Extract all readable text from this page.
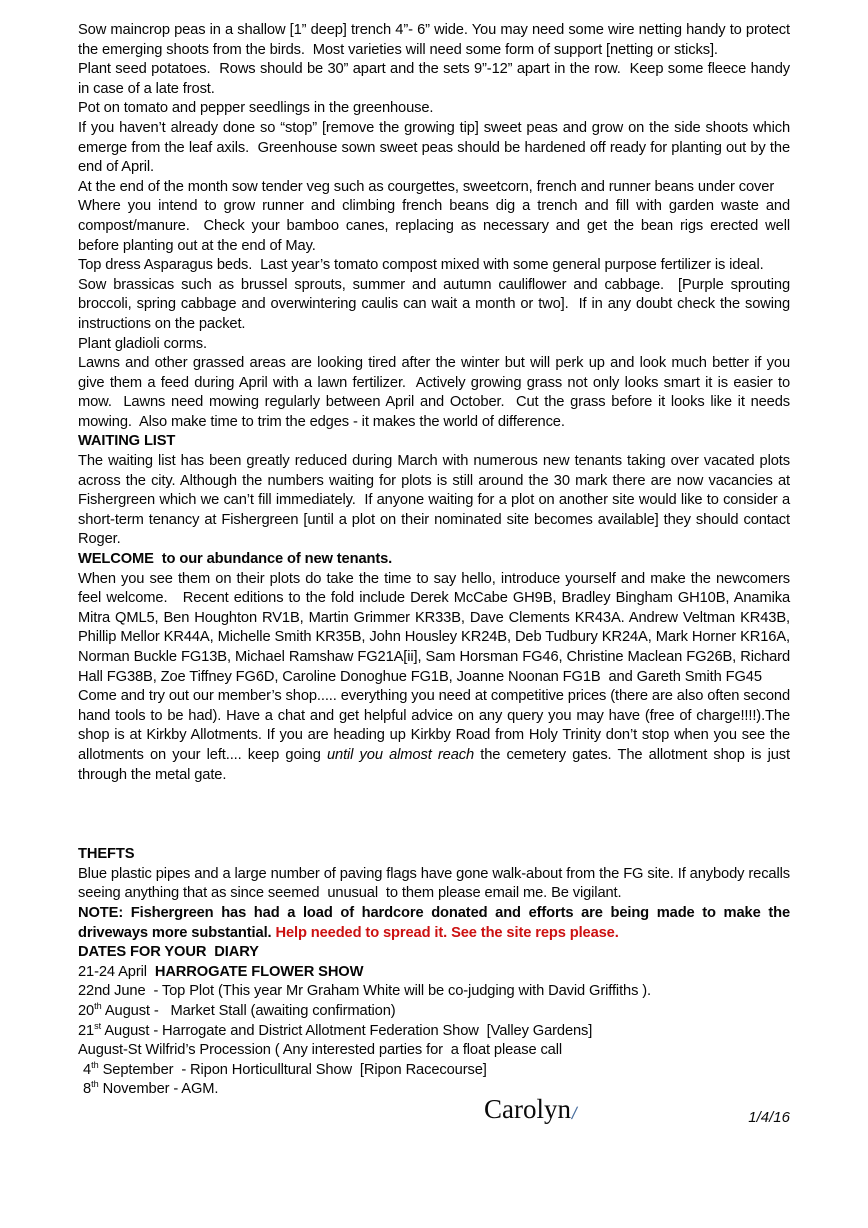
Sow maincrop peas in a shallow [1” deep] trench 4”- 6” wide. You may need some wire netting handy to protect the emerging shoots from the birds.  Most varieties will need some form of support [netting or sticks].

Plant seed potatoes.  Rows should be 30” apart and the sets 9”-12” apart in the row.  Keep some fleece handy in case of a late frost.

Pot on tomato and pepper seedlings in the greenhouse.

If you haven’t already done so “stop” [remove the growing tip] sweet peas and grow on the side shoots which emerge from the leaf axils.  Greenhouse sown sweet peas should be hardened off ready for planting out by the end of April.

At the end of the month sow tender veg such as courgettes, sweetcorn, french and runner beans under cover

Where you intend to grow runner and climbing french beans dig a trench and fill with garden waste and compost/manure.  Check your bamboo canes, replacing as necessary and get the bean rigs erected well before planting out at the end of May.

Top dress Asparagus beds.  Last year’s tomato compost mixed with some general purpose fertilizer is ideal.

Sow brassicas such as brussel sprouts, summer and autumn cauliflower and cabbage.  [Purple sprouting broccoli, spring cabbage and overwintering caulis can wait a month or two].  If in any doubt check the sowing instructions on the packet.

Plant gladioli corms.

Lawns and other grassed areas are looking tired after the winter but will perk up and look much better if you give them a feed during April with a lawn fertilizer.  Actively growing grass not only looks smart it is easier to mow.  Lawns need mowing regularly between April and October.  Cut the grass before it looks like it needs mowing.  Also make time to trim the edges - it makes the world of difference.

WAITING LIST

The waiting list has been greatly reduced during March with numerous new tenants taking over vacated plots across the city. Although the numbers waiting for plots is still around the 30 mark there are now vacancies at Fishergreen which we can’t fill immediately.  If anyone waiting for a plot on another site would like to consider a short-term tenancy at Fishergreen [until a plot on their nominated site becomes available] they should contact Roger.

WELCOME  to our abundance of new tenants.

When you see them on their plots do take the time to say hello, introduce yourself and make the newcomers feel welcome.   Recent editions to the fold include Derek McCabe GH9B, Bradley Bingham GH10B, Anamika Mitra QML5, Ben Houghton RV1B, Martin Grimmer KR33B, Dave Clements KR43A. Andrew Veltman KR43B, Phillip Mellor KR44A, Michelle Smith KR35B, John Housley KR24B, Deb Tudbury KR24A, Mark Horner KR16A, Norman Buckle FG13B, Michael Ramshaw FG21A[ii], Sam Horsman FG46, Christine Maclean FG26B, Richard Hall FG38B, Zoe Tiffney FG6D, Caroline Donoghue FG1B, Joanne Noonan FG1B  and Gareth Smith FG45

Come and try out our member’s shop..... everything you need at competitive prices (there are also often second hand tools to be had). Have a chat and get helpful advice on any query you may have (free of charge!!!!).The shop is at Kirkby Allotments. If you are heading up Kirkby Road from Holy Trinity don’t stop when you see the allotments on your left.... keep going until you almost reach the cemetery gates. The allotment shop is just through the metal gate.

THEFTS

Blue plastic pipes and a large number of paving flags have gone walk-about from the FG site. If anybody recalls seeing anything that as since seemed  unusual  to them please email me. Be vigilant.

NOTE: Fishergreen has had a load of hardcore donated and efforts are being made to make the driveways more substantial. Help needed to spread it. See the site reps please.

DATES FOR YOUR  DIARY

21-24 April  HARROGATE FLOWER SHOW

22nd June  - Top Plot (This year Mr Graham White will be co-judging with David Griffiths ).

20th August -   Market Stall (awaiting confirmation)

21st August - Harrogate and District Allotment Federation Show  [Valley Gardens]

August-St Wilfrid’s Procession ( Any interested parties for  a float please call

4th September  - Ripon Horticulltural Show  [Ripon Racecourse]

8th November - AGM.

Carolyn /	1/4/16
